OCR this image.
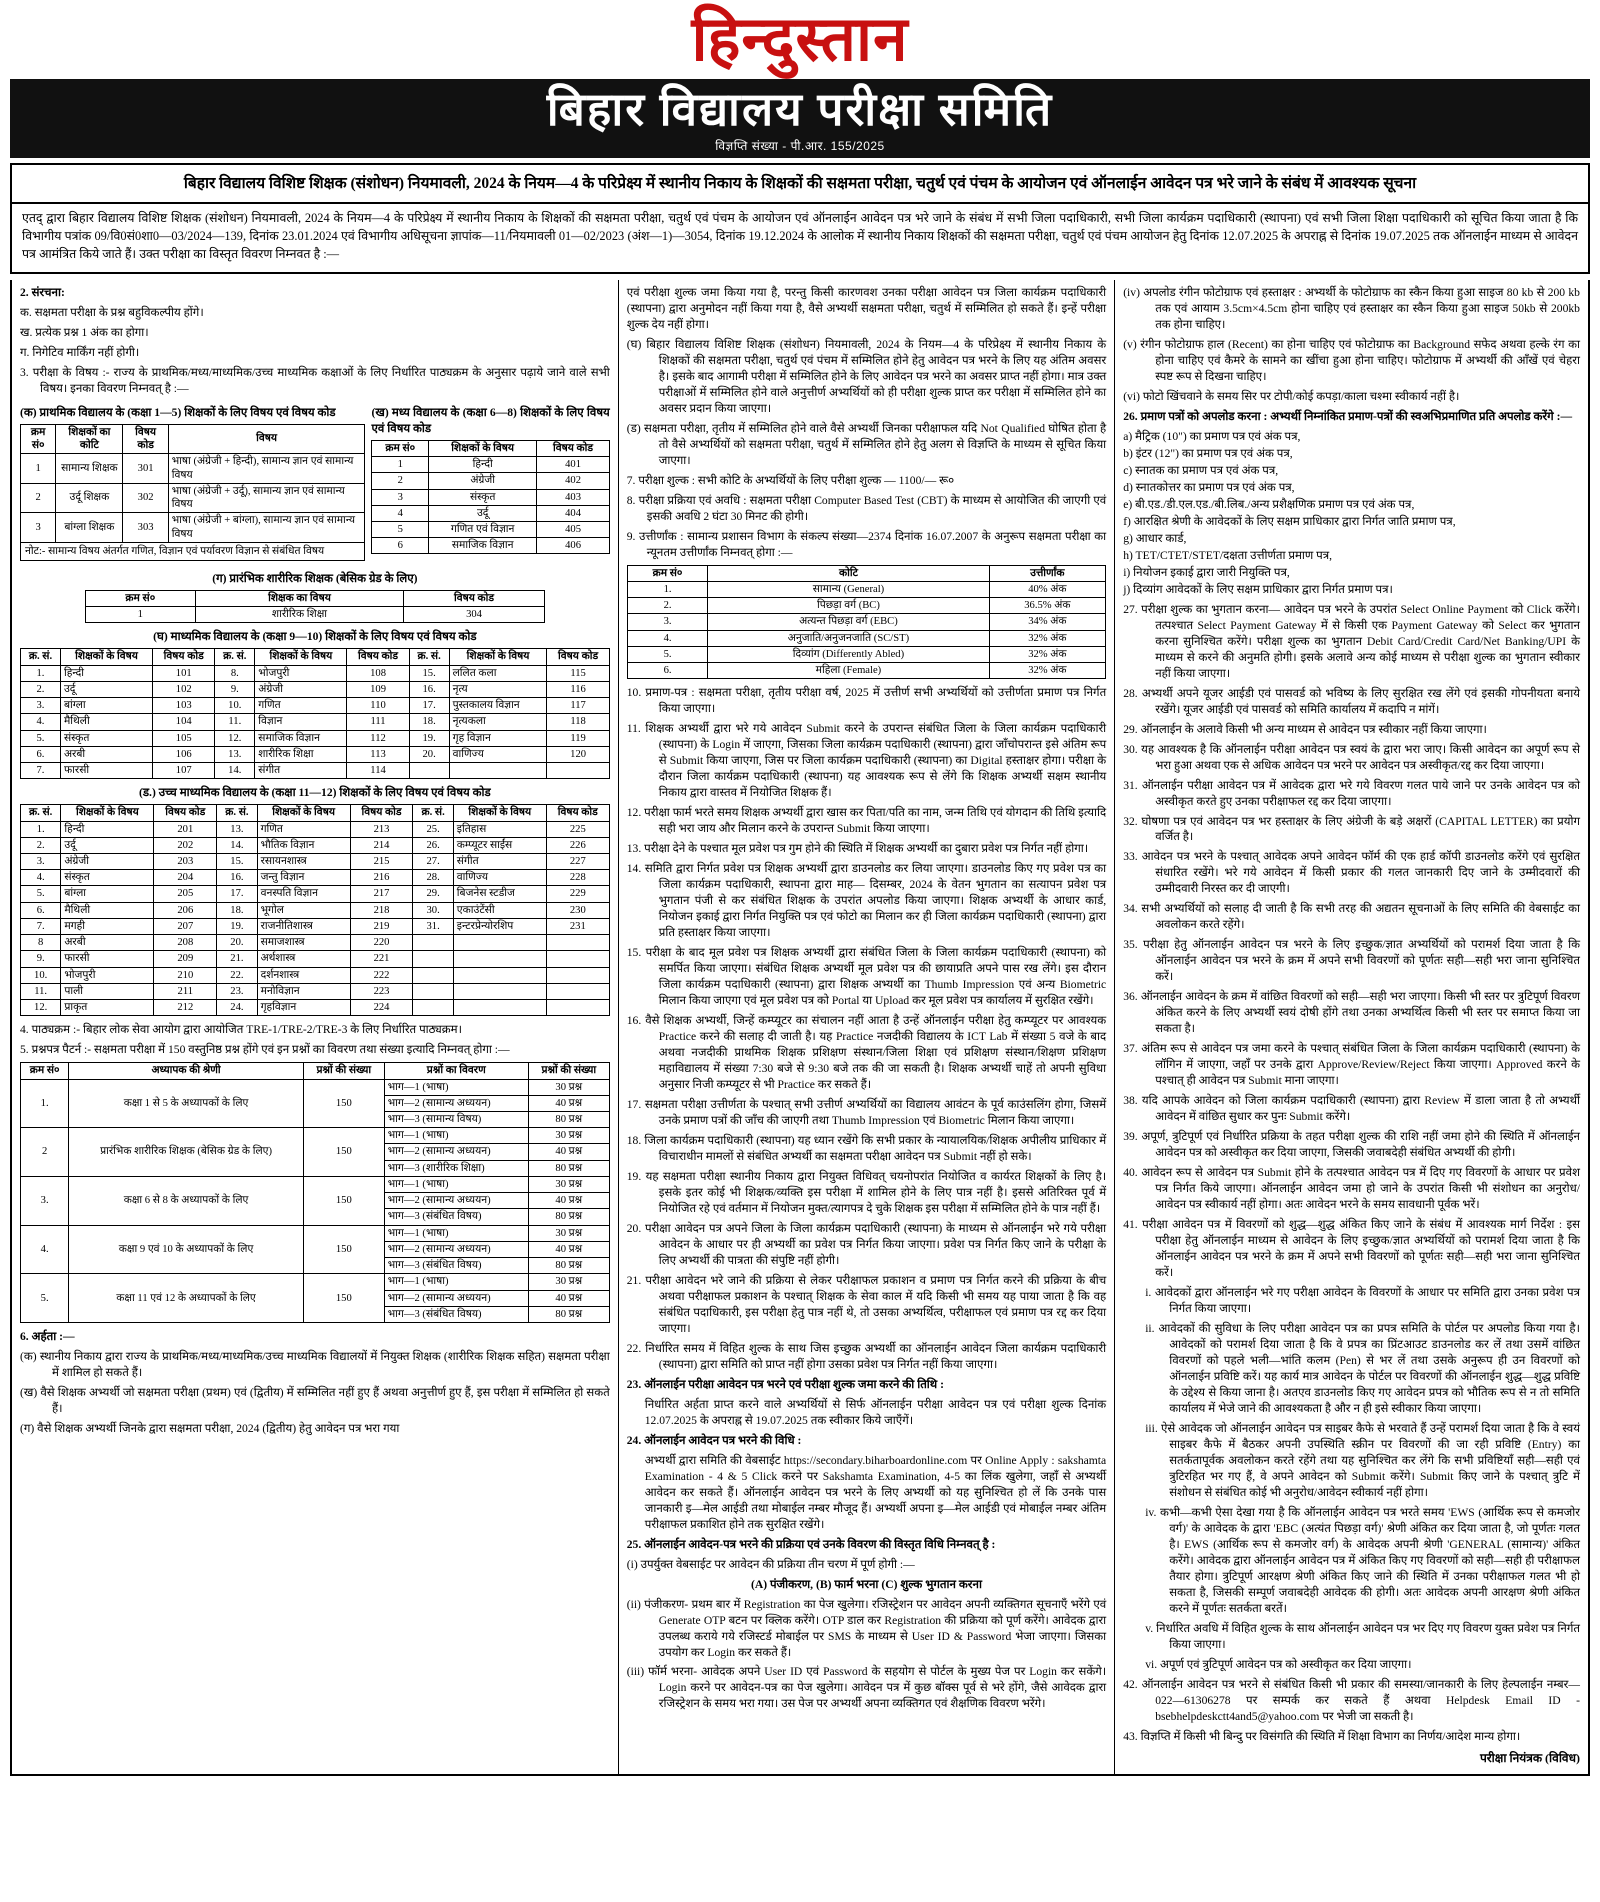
हिन्दुस्तान
बिहार विद्यालय परीक्षा समिति
विज्ञप्ति संख्या - पी.आर. 155/2025
बिहार विद्यालय विशिष्ट शिक्षक (संशोधन) नियमावली, 2024 के नियम—4 के परिप्रेक्ष्य में स्थानीय निकाय के शिक्षकों की सक्षमता परीक्षा, चतुर्थ एवं पंचम के आयोजन एवं ऑनलाईन आवेदन पत्र भरे जाने के संबंध में आवश्यक सूचना
एतद् द्वारा बिहार विद्यालय विशिष्ट शिक्षक (संशोधन) नियमावली, 2024 के नियम—4 के परिप्रेक्ष्य में स्थानीय निकाय के शिक्षकों की सक्षमता परीक्षा, चतुर्थ एवं पंचम के आयोजन एवं ऑनलाईन आवेदन पत्र भरे जाने के संबंध में सभी जिला पदाधिकारी, सभी जिला कार्यक्रम पदाधिकारी (स्थापना) एवं सभी जिला शिक्षा पदाधिकारी को सूचित किया जाता है कि विभागीय पत्रांक 09/वि0सं0शा0—03/2024—139, दिनांक 23.01.2024 एवं विभागीय अधिसूचना ज्ञापांक—11/नियमावली 01—02/2023 (अंश—1)—3054, दिनांक 19.12.2024 के आलोक में स्थानीय निकाय शिक्षकों की सक्षमता परीक्षा, चतुर्थ एवं पंचम आयोजन हेतु दिनांक 12.07.2025 के अपराह्न से दिनांक 19.07.2025 तक ऑनलाईन माध्यम से आवेदन पत्र आमंत्रित किये जाते हैं। उक्त परीक्षा का विस्तृत विवरण निम्नवत है :—
2. संरचना:
क. सक्षमता परीक्षा के प्रश्न बहुविकल्पीय होंगे।
ख. प्रत्येक प्रश्न 1 अंक का होगा।
ग. निगेटिव मार्किंग नहीं होगी।
3. परीक्षा के विषय :- राज्य के प्राथमिक/मध्य/माध्यमिक/उच्च माध्यमिक कक्षाओं के लिए निर्धारित पाठ्यक्रम के अनुसार पढ़ाये जाने वाले सभी विषय। इनका विवरण निम्नवत् है :—
(क) प्राथमिक विद्यालय के (कक्षा 1—5) शिक्षकों के लिए विषय एवं विषय कोड
क्रम सं०	शिक्षकों का कोटि	विषय कोड	विषय
1	सामान्य शिक्षक	301	भाषा (अंग्रेजी + हिन्दी), सामान्य ज्ञान एवं सामान्य विषय
2	उर्दू शिक्षक	302	भाषा (अंग्रेजी + उर्दू), सामान्य ज्ञान एवं सामान्य विषय
3	बांग्ला शिक्षक	303	भाषा (अंग्रेजी + बांग्ला), सामान्य ज्ञान एवं सामान्य विषय
नोट:- सामान्य विषय अंतर्गत गणित, विज्ञान एवं पर्यावरण विज्ञान से संबंधित विषय
(ख) मध्य विद्यालय के (कक्षा 6—8) शिक्षकों के लिए विषय एवं विषय कोड
क्रम सं०	शिक्षकों के विषय	विषय कोड
1	हिन्दी	401
2	अंग्रेजी	402
3	संस्कृत	403
4	उर्दू	404
5	गणित एवं विज्ञान	405
6	समाजिक विज्ञान	406
(ग) प्रारंभिक शारीरिक शिक्षक (बेसिक ग्रेड के लिए)
क्रम सं०	शिक्षक का विषय	विषय कोड
1	शारीरिक शिक्षा	304
(घ) माध्यमिक विद्यालय के (कक्षा 9—10) शिक्षकों के लिए विषय एवं विषय कोड
क्र. सं.	शिक्षकों के विषय	विषय कोड	क्र. सं.	शिक्षकों के विषय	विषय कोड	क्र. सं.	शिक्षकों के विषय	विषय कोड
1.	हिन्दी	101	8.	भोजपुरी	108	15.	ललित कला	115
2.	उर्दू	102	9.	अंग्रेजी	109	16.	नृत्य	116
3.	बांग्ला	103	10.	गणित	110	17.	पुस्तकालय विज्ञान	117
4.	मैथिली	104	11.	विज्ञान	111	18.	नृत्यकला	118
5.	संस्कृत	105	12.	समाजिक विज्ञान	112	19.	गृह विज्ञान	119
6.	अरबी	106	13.	शारीरिक शिक्षा	113	20.	वाणिज्य	120
7.	फारसी	107	14.	संगीत	114			
(ड.) उच्च माध्यमिक विद्यालय के (कक्षा 11—12) शिक्षकों के लिए विषय एवं विषय कोड
क्र. सं.	शिक्षकों के विषय	विषय कोड	क्र. सं.	शिक्षकों के विषय	विषय कोड	क्र. सं.	शिक्षकों के विषय	विषय कोड
1.	हिन्दी	201	13.	गणित	213	25.	इतिहास	225
2.	उर्दू	202	14.	भौतिक विज्ञान	214	26.	कम्प्यूटर साईंस	226
3.	अंग्रेजी	203	15.	रसायनशास्त्र	215	27.	संगीत	227
4.	संस्कृत	204	16.	जन्तु विज्ञान	216	28.	वाणिज्य	228
5.	बांग्ला	205	17.	वनस्पति विज्ञान	217	29.	बिजनेस स्टडीज	229
6.	मैथिली	206	18.	भूगोल	218	30.	एकाउंटेंसी	230
7.	मगही	207	19.	राजनीतिशास्त्र	219	31.	इन्टरप्रेन्योरशिप	231
8	अरबी	208	20.	समाजशास्त्र	220			
9.	फारसी	209	21.	अर्थशास्त्र	221			
10.	भोजपुरी	210	22.	दर्शनशास्त्र	222			
11.	पाली	211	23.	मनोविज्ञान	223			
12.	प्राकृत	212	24.	गृहविज्ञान	224			
4. पाठ्यक्रम :- बिहार लोक सेवा आयोग द्वारा आयोजित TRE-1/TRE-2/TRE-3 के लिए निर्धारित पाठ्यक्रम।
5. प्रश्नपत्र पैटर्न :- सक्षमता परीक्षा में 150 वस्तुनिष्ठ प्रश्न होंगे एवं इन प्रश्नों का विवरण तथा संख्या इत्यादि निम्नवत् होगा :—
क्रम सं०	अध्यापक की श्रेणी	प्रश्नों की संख्या	प्रश्नों का विवरण	प्रश्नों की संख्या
1.	कक्षा 1 से 5 के अध्यापकों के लिए	150	भाग—1 (भाषा)	30 प्रश्न
			भाग—2 (सामान्य अध्ययन)	40 प्रश्न
			भाग—3 (सामान्य विषय)	80 प्रश्न
2	प्रारंभिक शारीरिक शिक्षक (बेसिक ग्रेड के लिए)	150	भाग—1 (भाषा)	30 प्रश्न
			भाग—2 (सामान्य अध्ययन)	40 प्रश्न
			भाग—3 (शारीरिक शिक्षा)	80 प्रश्न
3.	कक्षा 6 से 8 के अध्यापकों के लिए	150	भाग—1 (भाषा)	30 प्रश्न
			भाग—2 (सामान्य अध्ययन)	40 प्रश्न
			भाग—3 (संबंधित विषय)	80 प्रश्न
4.	कक्षा 9 एवं 10 के अध्यापकों के लिए	150	भाग—1 (भाषा)	30 प्रश्न
			भाग—2 (सामान्य अध्ययन)	40 प्रश्न
			भाग—3 (संबंधित विषय)	80 प्रश्न
5.	कक्षा 11 एवं 12 के अध्यापकों के लिए	150	भाग—1 (भाषा)	30 प्रश्न
			भाग—2 (सामान्य अध्ययन)	40 प्रश्न
			भाग—3 (संबंधित विषय)	80 प्रश्न
6. अर्हता :—
(क) स्थानीय निकाय द्वारा राज्य के प्राथमिक/मध्य/माध्यमिक/उच्च माध्यमिक विद्यालयों में नियुक्त शिक्षक (शारीरिक शिक्षक सहित) सक्षमता परीक्षा में शामिल हो सकते हैं।
(ख) वैसे शिक्षक अभ्यर्थी जो सक्षमता परीक्षा (प्रथम) एवं (द्वितीय) में सम्मिलित नहीं हुए हैं अथवा अनुत्तीर्ण हुए हैं, इस परीक्षा में सम्मिलित हो सकते हैं।
(ग) वैसे शिक्षक अभ्यर्थी जिनके द्वारा सक्षमता परीक्षा, 2024 (द्वितीय) हेतु आवेदन पत्र भरा गया
एवं परीक्षा शुल्क जमा किया गया है, परन्तु किसी कारणवश उनका परीक्षा आवेदन पत्र जिला कार्यक्रम पदाधिकारी (स्थापना) द्वारा अनुमोदन नहीं किया गया है, वैसे अभ्यर्थी सक्षमता परीक्षा, चतुर्थ में सम्मिलित हो सकते हैं। इन्हें परीक्षा शुल्क देय नहीं होगा।
(घ) बिहार विद्यालय विशिष्ट शिक्षक (संशोधन) नियमावली, 2024 के नियम—4 के परिप्रेक्ष्य में स्थानीय निकाय के शिक्षकों की सक्षमता परीक्षा, चतुर्थ एवं पंचम में सम्मिलित होने हेतु आवेदन पत्र भरने के लिए यह अंतिम अवसर है। इसके बाद आगामी परीक्षा में सम्मिलित होने के लिए आवेदन पत्र भरने का अवसर प्राप्त नहीं होगा। मात्र उक्त परीक्षाओं में सम्मिलित होने वाले अनुत्तीर्ण अभ्यर्थियों को ही परीक्षा शुल्क प्राप्त कर परीक्षा में सम्मिलित होने का अवसर प्रदान किया जाएगा।
(ड) सक्षमता परीक्षा, तृतीय में सम्मिलित होने वाले वैसे अभ्यर्थी जिनका परीक्षाफल यदि Not Qualified घोषित होता है तो वैसे अभ्यर्थियों को सक्षमता परीक्षा, चतुर्थ में सम्मिलित होने हेतु अलग से विज्ञप्ति के माध्यम से सूचित किया जाएगा।
7. परीक्षा शुल्क : सभी कोटि के अभ्यर्थियों के लिए परीक्षा शुल्क — 1100/— रू०
8. परीक्षा प्रक्रिया एवं अवधि : सक्षमता परीक्षा Computer Based Test (CBT) के माध्यम से आयोजित की जाएगी एवं इसकी अवधि 2 घंटा 30 मिनट की होगी।
9. उत्तीर्णांक : सामान्य प्रशासन विभाग के संकल्प संख्या—2374 दिनांक 16.07.2007 के अनुरूप सक्षमता परीक्षा का न्यूनतम उत्तीर्णांक निम्नवत् होगा :—
क्रम सं०	कोटि	उत्तीर्णांक
1.	सामान्य (General)	40% अंक
2.	पिछड़ा वर्ग (BC)	36.5% अंक
3.	अत्यन्त पिछड़ा वर्ग (EBC)	34% अंक
4.	अनुजाति/अनुजनजाति (SC/ST)	32% अंक
5.	दिव्यांग (Differently Abled)	32% अंक
6.	महिला (Female)	32% अंक
10. प्रमाण-पत्र : सक्षमता परीक्षा, तृतीय परीक्षा वर्ष, 2025 में उत्तीर्ण सभी अभ्यर्थियों को उत्तीर्णता प्रमाण पत्र निर्गत किया जाएगा।
11. शिक्षक अभ्यर्थी द्वारा भरे गये आवेदन Submit करने के उपरान्त संबंधित जिला के जिला कार्यक्रम पदाधिकारी (स्थापना) के Login में जाएगा, जिसका जिला कार्यक्रम पदाधिकारी (स्थापना) द्वारा जाँचोपरान्त इसे अंतिम रूप से Submit किया जाएगा, जिस पर जिला कार्यक्रम पदाधिकारी (स्थापना) का Digital हस्ताक्षर होगा। परीक्षा के दौरान जिला कार्यक्रम पदाधिकारी (स्थापना) यह आवश्यक रूप से लेंगे कि शिक्षक अभ्यर्थी सक्षम स्थानीय निकाय द्वारा वास्तव में नियोजित शिक्षक हैं।
12. परीक्षा फार्म भरते समय शिक्षक अभ्यर्थी द्वारा खास कर पिता/पति का नाम, जन्म तिथि एवं योगदान की तिथि इत्यादि सही भरा जाय और मिलान करने के उपरान्त Submit किया जाएगा।
13. परीक्षा देने के पश्चात मूल प्रवेश पत्र गुम होने की स्थिति में शिक्षक अभ्यर्थी का दुबारा प्रवेश पत्र निर्गत नहीं होगा।
14. समिति द्वारा निर्गत प्रवेश पत्र शिक्षक अभ्यर्थी द्वारा डाउनलोड कर लिया जाएगा। डाउनलोड किए गए प्रवेश पत्र का जिला कार्यक्रम पदाधिकारी, स्थापना द्वारा माह— दिसम्बर, 2024 के वेतन भुगतान का सत्यापन प्रवेश पत्र भुगतान पंजी से कर संबंधित शिक्षक के उपरांत अपलोड किया जाएगा। शिक्षक अभ्यर्थी के आधार कार्ड, नियोजन इकाई द्वारा निर्गत नियुक्ति पत्र एवं फोटो का मिलान कर ही जिला कार्यक्रम पदाधिकारी (स्थापना) द्वारा प्रति हस्ताक्षर किया जाएगा।
15. परीक्षा के बाद मूल प्रवेश पत्र शिक्षक अभ्यर्थी द्वारा संबंधित जिला के जिला कार्यक्रम पदाधिकारी (स्थापना) को समर्पित किया जाएगा। संबंधित शिक्षक अभ्यर्थी मूल प्रवेश पत्र की छायाप्रति अपने पास रख लेंगे। इस दौरान जिला कार्यक्रम पदाधिकारी (स्थापना) द्वारा शिक्षक अभ्यर्थी का Thumb Impression एवं अन्य Biometric मिलान किया जाएगा एवं मूल प्रवेश पत्र को Portal या Upload कर मूल प्रवेश पत्र कार्यालय में सुरक्षित रखेंगे।
16. वैसे शिक्षक अभ्यर्थी, जिन्हें कम्प्यूटर का संचालन नहीं आता है उन्हें ऑनलाईन परीक्षा हेतु कम्प्यूटर पर आवश्यक Practice करने की सलाह दी जाती है। यह Practice नजदीकी विद्यालय के ICT Lab में संख्या 5 वजे के बाद अथवा नजदीकी प्राथमिक शिक्षक प्रशिक्षण संस्थान/जिला शिक्षा एवं प्रशिक्षण संस्थान/शिक्षण प्रशिक्षण महाविद्यालय में संख्या 7:30 बजे से 9:30 बजे तक की जा सकती है। शिक्षक अभ्यर्थी चाहें तो अपनी सुविधा अनुसार निजी कम्प्यूटर से भी Practice कर सकते हैं।
17. सक्षमता परीक्षा उत्तीर्णता के पश्चात् सभी उत्तीर्ण अभ्यर्थियों का विद्यालय आवंटन के पूर्व काउंसलिंग होगा, जिसमें उनके प्रमाण पत्रों की जाँच की जाएगी तथा Thumb Impression एवं Biometric मिलान किया जाएगा।
18. जिला कार्यक्रम पदाधिकारी (स्थापना) यह ध्यान रखेंगे कि सभी प्रकार के न्यायालयिक/शिक्षक अपीलीय प्राधिकार में विचाराधीन मामलों से संबंधित अभ्यर्थी का सक्षमता परीक्षा आवेदन पत्र Submit नहीं हो सके।
19. यह सक्षमता परीक्षा स्थानीय निकाय द्वारा नियुक्त विधिवत् चयनोपरांत नियोजित व कार्यरत शिक्षकों के लिए है। इसके इतर कोई भी शिक्षक/व्यक्ति इस परीक्षा में शामिल होने के लिए पात्र नहीं है। इससे अतिरिक्त पूर्व में नियोजित रहे एवं वर्तमान में नियोजन मुक्त/त्यागपत्र दे चुके शिक्षक इस परीक्षा में सम्मिलित होने के पात्र नहीं हैं।
20. परीक्षा आवेदन पत्र अपने जिला के जिला कार्यक्रम पदाधिकारी (स्थापना) के माध्यम से ऑनलाईन भरे गये परीक्षा आवेदन के आधार पर ही अभ्यर्थी का प्रवेश पत्र निर्गत किया जाएगा। प्रवेश पत्र निर्गत किए जाने के परीक्षा के लिए अभ्यर्थी की पात्रता की संपुष्टि नहीं होगी।
21. परीक्षा आवेदन भरे जाने की प्रक्रिया से लेकर परीक्षाफल प्रकाशन व प्रमाण पत्र निर्गत करने की प्रक्रिया के बीच अथवा परीक्षाफल प्रकाशन के पश्चात् शिक्षक के सेवा काल में यदि किसी भी समय यह पाया जाता है कि वह संबंधित पदाधिकारी, इस परीक्षा हेतु पात्र नहीं थे, तो उसका अभ्यर्थित्व, परीक्षाफल एवं प्रमाण पत्र रद्द कर दिया जाएगा।
22. निर्धारित समय में विहित शुल्क के साथ जिस इच्छुक अभ्यर्थी का ऑनलाईन आवेदन जिला कार्यक्रम पदाधिकारी (स्थापना) द्वारा समिति को प्राप्त नहीं होगा उसका प्रवेश पत्र निर्गत नहीं किया जाएगा।
23. ऑनलाईन परीक्षा आवेदन पत्र भरने एवं परीक्षा शुल्क जमा करने की तिथि :
निर्धारित अर्हता प्राप्त करने वाले अभ्यर्थियों से सिर्फ ऑनलाईन परीक्षा आवेदन पत्र एवं परीक्षा शुल्क दिनांक 12.07.2025 के अपराह्न से 19.07.2025 तक स्वीकार किये जाएँगें।
24. ऑनलाईन आवेदन पत्र भरने की विधि :
अभ्यर्थी द्वारा समिति की वेबसाईट https://secondary.biharboardonline.com पर Online Apply : sakshamta Examination - 4 & 5 Click करने पर Sakshamta Examination, 4-5 का लिंक खुलेगा, जहाँ से अभ्यर्थी आवेदन कर सकते हैं। ऑनलाईन आवेदन पत्र भरने के लिए अभ्यर्थी को यह सुनिश्चित हो लें कि उनके पास जानकारी इ—मेल आईडी तथा मोबाईल नम्बर मौजूद हैं। अभ्यर्थी अपना इ—मेल आईडी एवं मोबाईल नम्बर अंतिम परीक्षाफल प्रकाशित होने तक सुरक्षित रखेंगे।
25. ऑनलाईन आवेदन-पत्र भरने की प्रक्रिया एवं उनके विवरण की विस्तृत विधि निम्नवत् है :
(i) उपर्युक्त वेबसाईट पर आवेदन की प्रक्रिया तीन चरण में पूर्ण होगी :—
(A) पंजीकरण, (B) फार्म भरना (C) शुल्क भुगतान करना
(ii) पंजीकरण- प्रथम बार में Registration का पेज खुलेगा। रजिस्ट्रेशन पर आवेदन अपनी व्यक्तिगत सूचनाएँ भरेंगे एवं Generate OTP बटन पर क्लिक करेंगे। OTP डाल कर Registration की प्रक्रिया को पूर्ण करेंगे। आवेदक द्वारा उपलब्ध कराये गये रजिस्टर्ड मोबाईल पर SMS के माध्यम से User ID & Password भेजा जाएगा। जिसका उपयोग कर Login कर सकते हैं।
(iii) फॉर्म भरना- आवेदक अपने User ID एवं Password के सहयोग से पोर्टल के मुख्य पेज पर Login कर सकेंगे। Login करने पर आवेदन-पत्र का पेज खुलेगा। आवेदन पत्र में कुछ बॉक्स पूर्व से भरे होंगे, जैसे आवेदक द्वारा रजिस्ट्रेशन के समय भरा गया। उस पेज पर अभ्यर्थी अपना व्यक्तिगत एवं शैक्षणिक विवरण भरेंगे।
(iv) अपलोड रंगीन फोटोग्राफ एवं हस्ताक्षर : अभ्यर्थी के फोटोग्राफ का स्कैन किया हुआ साइज 80 kb से 200 kb तक एवं आयाम 3.5cm×4.5cm होना चाहिए एवं हस्ताक्षर का स्कैन किया हुआ साइज 50kb से 200kb तक होना चाहिए।
(v) रंगीन फोटोग्राफ हाल (Recent) का होना चाहिए एवं फोटोग्राफ का Background सफेद अथवा हल्के रंग का होना चाहिए एवं कैमरे के सामने का खींचा हुआ होना चाहिए। फोटोग्राफ में अभ्यर्थी की आँखें एवं चेहरा स्पष्ट रूप से दिखना चाहिए।
(vi) फोटो खिंचवाने के समय सिर पर टोपी/कोई कपड़ा/काला चश्मा स्वीकार्य नहीं है।
26. प्रमाण पत्रों को अपलोड करना : अभ्यर्थी निम्नांकित प्रमाण-पत्रों की स्वअभिप्रमाणित प्रति अपलोड करेंगे :—
a) मैट्रिक (10") का प्रमाण पत्र एवं अंक पत्र,
b) इंटर (12") का प्रमाण पत्र एवं अंक पत्र,
c) स्नातक का प्रमाण पत्र एवं अंक पत्र,
d) स्नातकोत्तर का प्रमाण पत्र एवं अंक पत्र,
e) बी.एड./डी.एल.एड./बी.लिब./अन्य प्रशैक्षणिक प्रमाण पत्र एवं अंक पत्र,
f) आरक्षित श्रेणी के आवेदकों के लिए सक्षम प्राधिकार द्वारा निर्गत जाति प्रमाण पत्र,
g) आधार कार्ड,
h) TET/CTET/STET/दक्षता उत्तीर्णता प्रमाण पत्र,
i) नियोजन इकाई द्वारा जारी नियुक्ति पत्र,
j) दिव्यांग आवेदकों के लिए सक्षम प्राधिकार द्वारा निर्गत प्रमाण पत्र।
27. परीक्षा शुल्क का भुगतान करना— आवेदन पत्र भरने के उपरांत Select Online Payment को Click करेंगे। तत्पश्चात Select Payment Gateway में से किसी एक Payment Gateway को Select कर भुगतान करना सुनिश्चित करेंगे। परीक्षा शुल्क का भुगतान Debit Card/Credit Card/Net Banking/UPI के माध्यम से करने की अनुमति होगी। इसके अलावे अन्य कोई माध्यम से परीक्षा शुल्क का भुगतान स्वीकार नहीं किया जाएगा।
28. अभ्यर्थी अपने यूजर आईडी एवं पासवर्ड को भविष्य के लिए सुरक्षित रख लेंगे एवं इसकी गोपनीयता बनाये रखेंगे। यूजर आईडी एवं पासवर्ड को समिति कार्यालय में कदापि न मांगें।
29. ऑनलाईन के अलावे किसी भी अन्य माध्यम से आवेदन पत्र स्वीकार नहीं किया जाएगा।
30. यह आवश्यक है कि ऑनलाईन परीक्षा आवेदन पत्र स्वयं के द्वारा भरा जाए। किसी आवेदन का अपूर्ण रूप से भरा हुआ अथवा एक से अधिक आवेदन पत्र भरने पर आवेदन पत्र अस्वीकृत/रद्द कर दिया जाएगा।
31. ऑनलाईन परीक्षा आवेदन पत्र में आवेदक द्वारा भरे गये विवरण गलत पाये जाने पर उनके आवेदन पत्र को अस्वीकृत करते हुए उनका परीक्षाफल रद्द कर दिया जाएगा।
32. घोषणा पत्र एवं आवेदन पत्र भर हस्ताक्षर के लिए अंग्रेजी के बड़े अक्षरों (CAPITAL LETTER) का प्रयोग वर्जित है।
33. आवेदन पत्र भरने के पश्चात् आवेदक अपने आवेदन फॉर्म की एक हार्ड कॉपी डाउनलोड करेंगे एवं सुरक्षित संधारित रखेंगे। भरे गये आवेदन में किसी प्रकार की गलत जानकारी दिए जाने के उम्मीदवारों की उम्मीदवारी निरस्त कर दी जाएगी।
34. सभी अभ्यर्थियों को सलाह दी जाती है कि सभी तरह की अद्यतन सूचनाओं के लिए समिति की वेबसाईट का अवलोकन करते रहेंगे।
35. परीक्षा हेतु ऑनलाईन आवेदन पत्र भरने के लिए इच्छुक/ज्ञात अभ्यर्थियों को परामर्श दिया जाता है कि ऑनलाईन आवेदन पत्र भरने के क्रम में अपने सभी विवरणों को पूर्णतः सही—सही भरा जाना सुनिश्चित करें।
36. ऑनलाईन आवेदन के क्रम में वांछित विवरणों को सही—सही भरा जाएगा। किसी भी स्तर पर त्रुटिपूर्ण विवरण अंकित करने के लिए अभ्यर्थी स्वयं दोषी होंगे तथा उनका अभ्यर्थित्व किसी भी स्तर पर समाप्त किया जा सकता है।
37. अंतिम रूप से आवेदन पत्र जमा करने के पश्चात् संबंधित जिला के जिला कार्यक्रम पदाधिकारी (स्थापना) के लॉगिन में जाएगा, जहाँ पर उनके द्वारा Approve/Review/Reject किया जाएगा। Approved करने के पश्चात् ही आवेदन पत्र Submit माना जाएगा।
38. यदि आपके आवेदन को जिला कार्यक्रम पदाधिकारी (स्थापना) द्वारा Review में डाला जाता है तो अभ्यर्थी आवेदन में वांछित सुधार कर पुनः Submit करेंगे।
39. अपूर्ण, त्रुटिपूर्ण एवं निर्धारित प्रक्रिया के तहत परीक्षा शुल्क की राशि नहीं जमा होने की स्थिति में ऑनलाईन आवेदन पत्र को अस्वीकृत कर दिया जाएगा, जिसकी जवाबदेही संबंधित अभ्यर्थी की होगी।
40. आवेदन रूप से आवेदन पत्र Submit होने के तत्पश्चात आवेदन पत्र में दिए गए विवरणों के आधार पर प्रवेश पत्र निर्गत किये जाएगा। ऑनलाईन आवेदन जमा हो जाने के उपरांत किसी भी संशोधन का अनुरोध/आवेदन पत्र स्वीकार्य नहीं होगा। अतः आवेदन भरने के समय सावधानी पूर्वक भरें।
41. परीक्षा आवेदन पत्र में विवरणों को शुद्ध—शुद्ध अंकित किए जाने के संबंध में आवश्यक मार्ग निर्देश : इस परीक्षा हेतु ऑनलाईन माध्यम से आवेदन के लिए इच्छुक/ज्ञात अभ्यर्थियों को परामर्श दिया जाता है कि ऑनलाईन आवेदन पत्र भरने के क्रम में अपने सभी विवरणों को पूर्णतः सही—सही भरा जाना सुनिश्चित करें।
i. आवेदकों द्वारा ऑनलाईन भरे गए परीक्षा आवेदन के विवरणों के आधार पर समिति द्वारा उनका प्रवेश पत्र निर्गत किया जाएगा।
ii. आवेदकों की सुविधा के लिए परीक्षा आवेदन पत्र का प्रपत्र समिति के पोर्टल पर अपलोड किया गया है। आवेदकों को परामर्श दिया जाता है कि वे प्रपत्र का प्रिंटआउट डाउनलोड कर लें तथा उसमें वांछित विवरणों को पहले भली—भांति कलम (Pen) से भर लें तथा उसके अनुरूप ही उन विवरणों को ऑनलाईन प्रविष्टि करें। यह कार्य मात्र आवेदन के पोर्टल पर विवरणों की ऑनलाईन शुद्ध—शुद्ध प्रविष्टि के उद्देश्य से किया जाना है। अतएव डाउनलोड किए गए आवेदन प्रपत्र को भौतिक रूप से न तो समिति कार्यालय में भेजे जाने की आवश्यकता है और न ही इसे स्वीकार किया जाएगा।
iii. ऐसे आवेदक जो ऑनलाईन आवेदन पत्र साइबर कैफे से भरवाते हैं उन्हें परामर्श दिया जाता है कि वे स्वयं साइबर कैफे में बैठकर अपनी उपस्थिति स्क्रीन पर विवरणों की जा रही प्रविष्टि (Entry) का सतर्कतापूर्वक अवलोकन करते रहेंगे तथा यह सुनिश्चित कर लेंगे कि सभी प्रविष्टियाँ सही—सही एवं त्रुटिरहित भर गए हैं, वे अपने आवेदन को Submit करेंगे। Submit किए जाने के पश्चात् त्रुटि में संशोधन से संबंधित कोई भी अनुरोध/आवेदन स्वीकार्य नहीं होगा।
iv. कभी—कभी ऐसा देखा गया है कि ऑनलाईन आवेदन पत्र भरते समय 'EWS (आर्थिक रूप से कमजोर वर्ग)' के आवेदक के द्वारा 'EBC (अत्यंत पिछड़ा वर्ग)' श्रेणी अंकित कर दिया जाता है, जो पूर्णतः गलत है। EWS (आर्थिक रूप से कमजोर वर्ग) के आवेदक अपनी श्रेणी 'GENERAL (सामान्य)' अंकित करेंगे। आवेदक द्वारा ऑनलाईन आवेदन पत्र में अंकित किए गए विवरणों को सही—सही ही परीक्षाफल तैयार होगा। त्रुटिपूर्ण आरक्षण श्रेणी अंकित किए जाने की स्थिति में उनका परीक्षाफल गलत भी हो सकता है, जिसकी सम्पूर्ण जवाबदेही आवेदक की होगी। अतः आवेदक अपनी आरक्षण श्रेणी अंकित करने में पूर्णतः सतर्कता बरतें।
v. निर्धारित अवधि में विहित शुल्क के साथ ऑनलाईन आवेदन पत्र भर दिए गए विवरण युक्त प्रवेश पत्र निर्गत किया जाएगा।
vi. अपूर्ण एवं त्रुटिपूर्ण आवेदन पत्र को अस्वीकृत कर दिया जाएगा।
42. ऑनलाईन आवेदन पत्र भरने से संबंधित किसी भी प्रकार की समस्या/जानकारी के लिए हेल्पलाईन नम्बर— 022—61306278 पर सम्पर्क कर सकते हैं अथवा Helpdesk Email ID - bsebhelpdeskctt4and5@yahoo.com पर भेजी जा सकती है।
43. विज्ञप्ति में किसी भी बिन्दु पर विसंगति की स्थिति में शिक्षा विभाग का निर्णय/आदेश मान्य होगा।
परीक्षा नियंत्रक (विविध)
